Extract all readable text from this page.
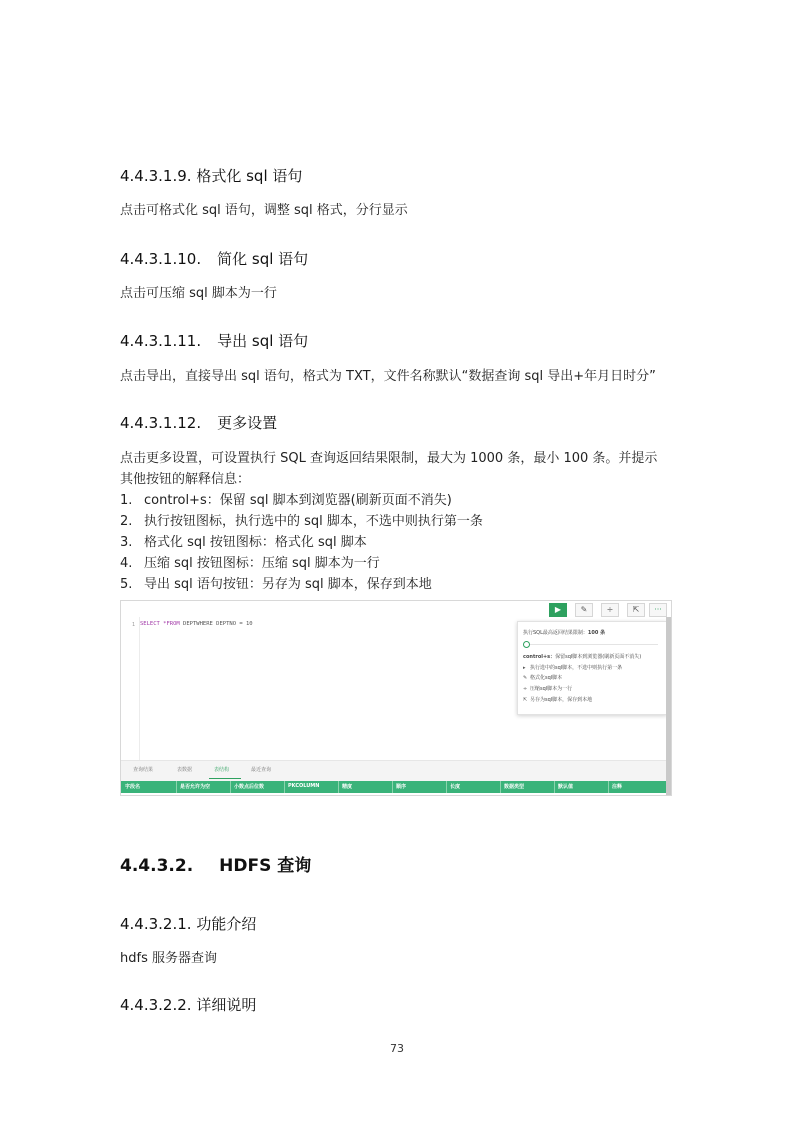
4.4.3.1.9. 格式化 sql 语句
点击可格式化 sql 语句，调整 sql 格式，分行显示
4.4.3.1.10. 简化 sql 语句
点击可压缩 sql 脚本为一行
4.4.3.1.11. 导出 sql 语句
点击导出，直接导出 sql 语句，格式为 TXT，文件名称默认“数据查询 sql 导出+年月日时分”
4.4.3.1.12. 更多设置
点击更多设置，可设置执行 SQL 查询返回结果限制，最大为 1000 条，最小 100 条。并提示
其他按钮的解释信息：
1. control+s：保留 sql 脚本到浏览器(刷新页面不消失)
2. 执行按钮图标，执行选中的 sql 脚本，不选中则执行第一条
3. 格式化 sql 按钮图标：格式化 sql 脚本
4. 压缩 sql 按钮图标：压缩 sql 脚本为一行
5. 导出 sql 语句按钮：另存为 sql 脚本，保存到本地
▶	✎	÷	⇱	···
1 SELECT *FROM DEPTWHERE DEPTNO = 10
执行SQL最高返回结果限制：100 条
control+s：保留sql脚本到浏览器(刷新页面不消失)
▸ 执行选中的sql脚本，不选中则执行第一条
✎ 格式化sql脚本
÷ 压缩sql脚本为一行
⇱ 另存为sql脚本，保存到本地
查询结果	表数据	表结构	最近查询
字段名	是否允许为空	小数点后位数	PKCOLUMN	精度	顺序	长度	数据类型	默认值	注释
4.4.3.2. HDFS 查询
4.4.3.2.1. 功能介绍
hdfs 服务器查询
4.4.3.2.2. 详细说明
73
